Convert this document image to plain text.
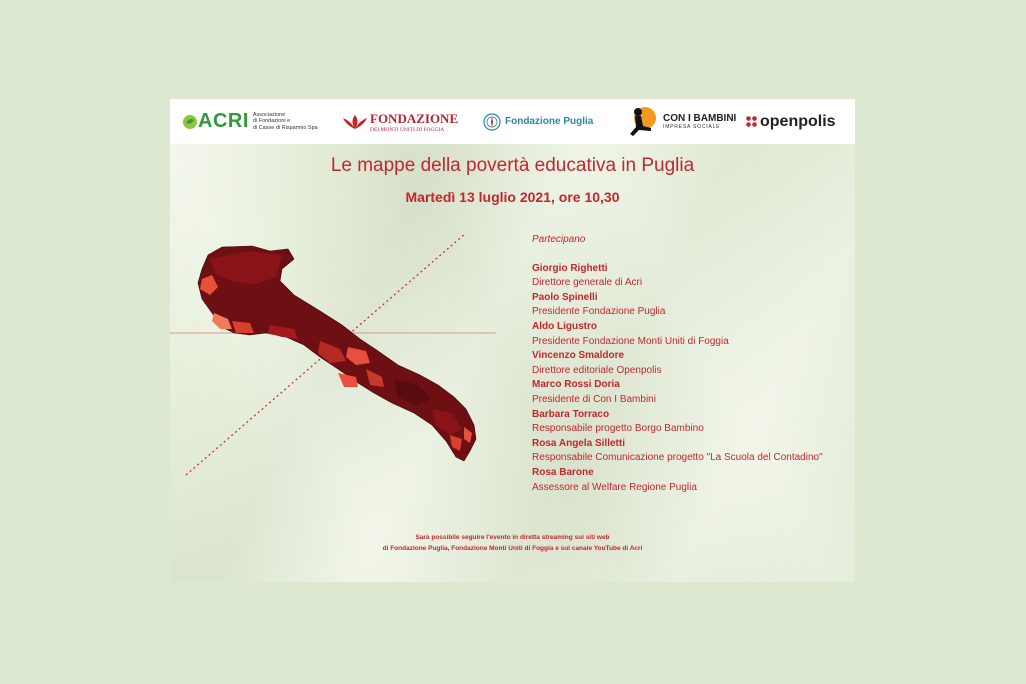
ACRI Associazione
di Fondazioni e
di Casse di Risparmio Spa
FONDAZIONE
DEI MONTI UNITI DI FOGGIA
Fondazione Puglia	CON I BAMBINI
IMPRESA SOCIALE	openpolis
Le mappe della povertà educativa in Puglia
Martedì 13 luglio 2021, ore 10,30
Partecipano
Giorgio Righetti
Direttore generale di Acri
Paolo Spinelli
Presidente Fondazione Puglia
Aldo Ligustro
Presidente Fondazione Monti Uniti di Foggia
Vincenzo Smaldore
Direttore editoriale Openpolis
Marco Rossi Doria
Presidente di Con I Bambini
Barbara Torraco
Responsabile progetto Borgo Bambino
Rosa Angela Silletti
Responsabile Comunicazione progetto "La Scuola del Contadino"
Rosa Barone
Assessore al Welfare Regione Puglia
Sarà possibile seguire l'evento in diretta streaming sui siti web
di Fondazione Puglia, Fondazione Monti Uniti di Foggia e sul canale YouTube di Acri
